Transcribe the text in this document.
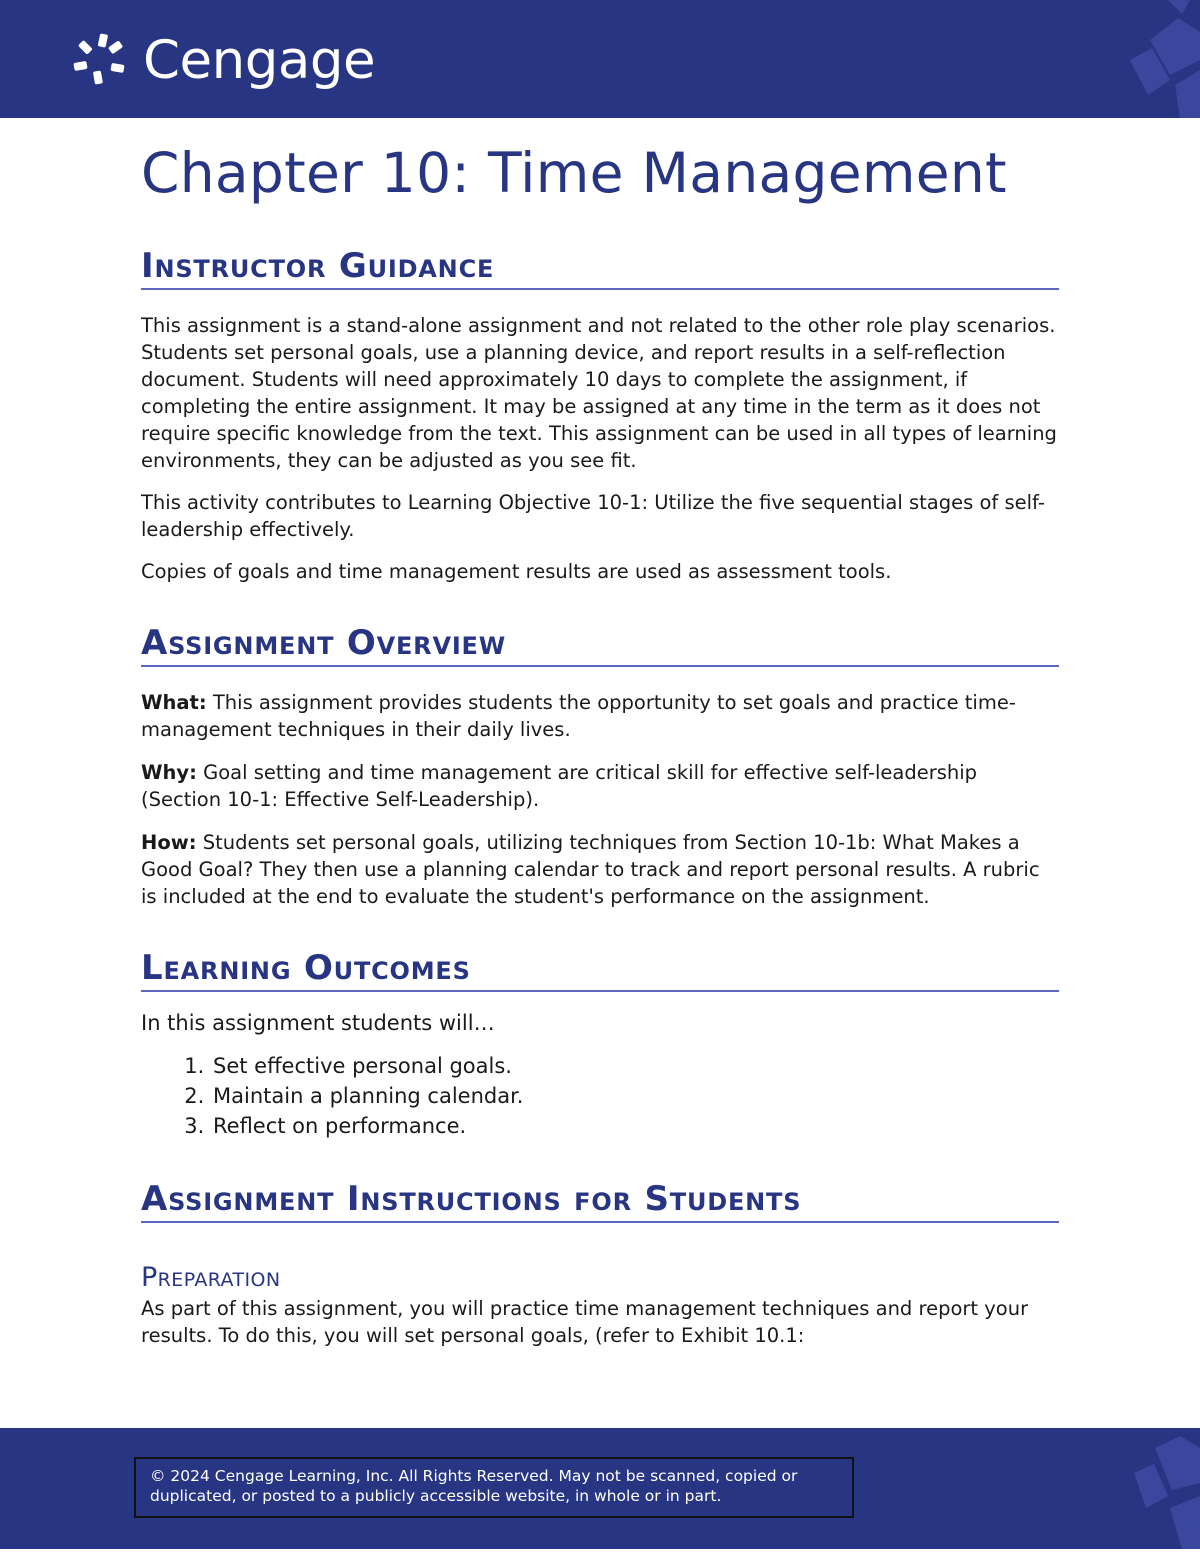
Cengage
Chapter 10: Time Management
Instructor Guidance

This assignment is a stand-alone assignment and not related to the other role play scenarios. Students set personal goals, use a planning device, and report results in a self-reflection document. Students will need approximately 10 days to complete the assignment, if completing the entire assignment. It may be assigned at any time in the term as it does not require specific knowledge from the text. This assignment can be used in all types of learning environments, they can be adjusted as you see fit.

This activity contributes to Learning Objective 10-1: Utilize the five sequential stages of self-leadership effectively.

Copies of goals and time management results are used as assessment tools.

Assignment Overview

What: This assignment provides students the opportunity to set goals and practice time-management techniques in their daily lives.

Why: Goal setting and time management are critical skill for effective self-leadership (Section 10-1: Effective Self-Leadership).

How: Students set personal goals, utilizing techniques from Section 10-1b: What Makes a Good Goal? They then use a planning calendar to track and report personal results. A rubric is included at the end to evaluate the student's performance on the assignment.

Learning Outcomes

In this assignment students will…

1. Set effective personal goals.
2. Maintain a planning calendar.
3. Reflect on performance.
Assignment Instructions for Students
Preparation

As part of this assignment, you will practice time management techniques and report your results. To do this, you will set personal goals, (refer to Exhibit 10.1:

© 2024 Cengage Learning, Inc. All Rights Reserved. May not be scanned, copied or duplicated, or posted to a publicly accessible website, in whole or in part.
